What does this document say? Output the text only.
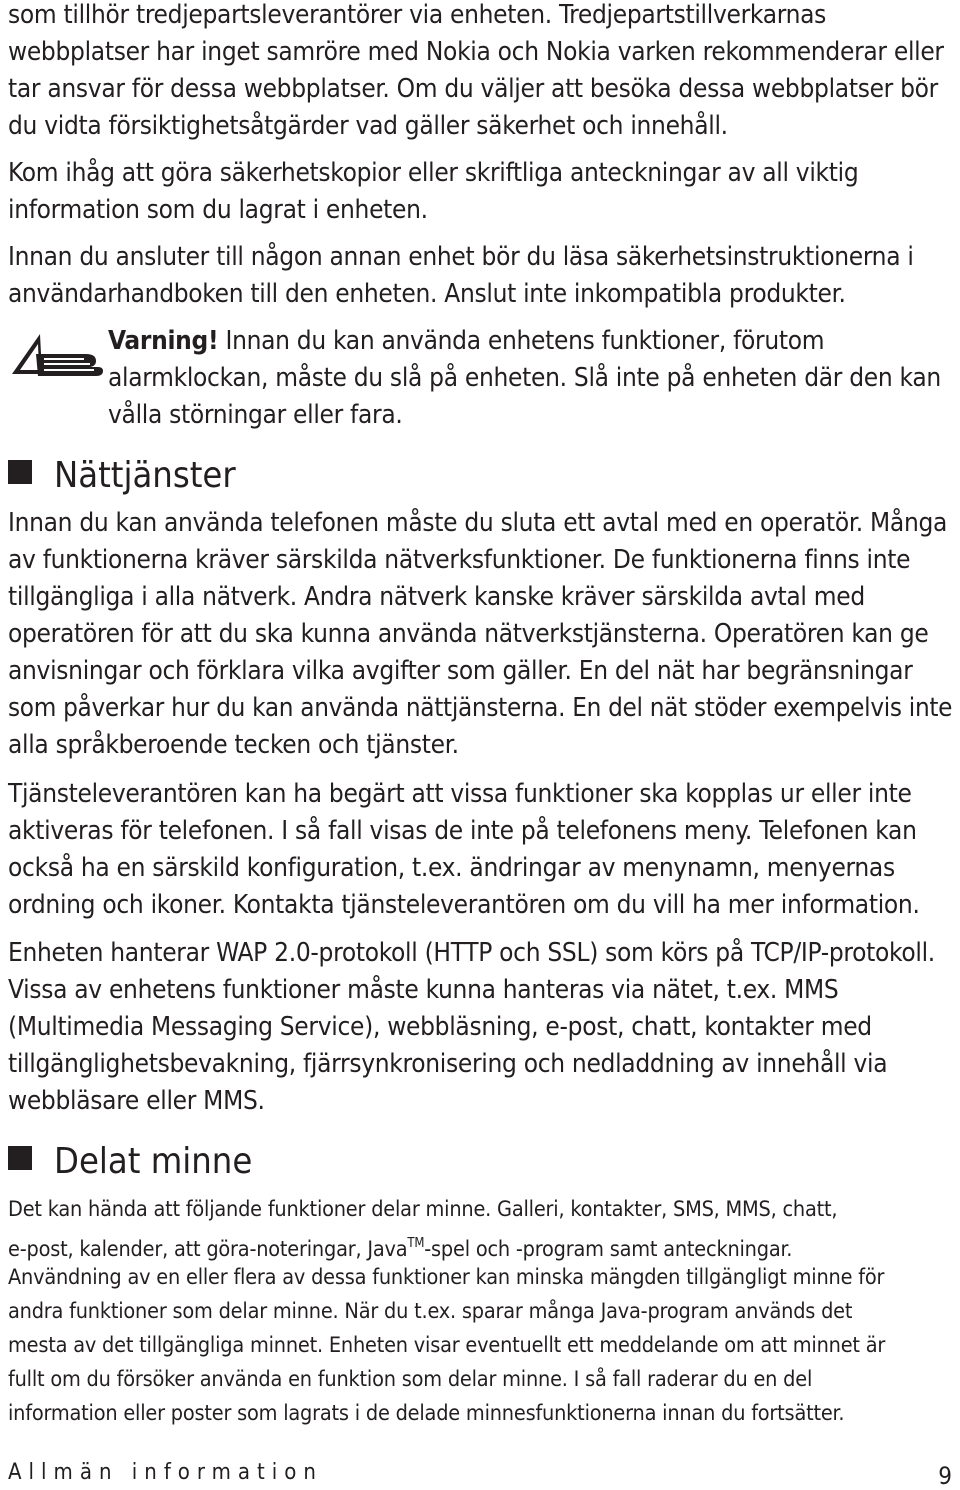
som tillhör tredjepartsleverantörer via enheten. Tredjepartstillverkarnas
webbplatser har inget samröre med Nokia och Nokia varken rekommenderar eller
tar ansvar för dessa webbplatser. Om du väljer att besöka dessa webbplatser bör
du vidta försiktighetsåtgärder vad gäller säkerhet och innehåll.
Kom ihåg att göra säkerhetskopior eller skriftliga anteckningar av all viktig
information som du lagrat i enheten.
Innan du ansluter till någon annan enhet bör du läsa säkerhetsinstruktionerna i
användarhandboken till den enheten. Anslut inte inkompatibla produkter.
Varning! Innan du kan använda enhetens funktioner, förutom
alarmklockan, måste du slå på enheten. Slå inte på enheten där den kan
vålla störningar eller fara.
Nättjänster
Innan du kan använda telefonen måste du sluta ett avtal med en operatör. Många
av funktionerna kräver särskilda nätverksfunktioner. De funktionerna finns inte
tillgängliga i alla nätverk. Andra nätverk kanske kräver särskilda avtal med
operatören för att du ska kunna använda nätverkstjänsterna. Operatören kan ge
anvisningar och förklara vilka avgifter som gäller. En del nät har begränsningar
som påverkar hur du kan använda nättjänsterna. En del nät stöder exempelvis inte
alla språkberoende tecken och tjänster.
Tjänsteleverantören kan ha begärt att vissa funktioner ska kopplas ur eller inte
aktiveras för telefonen. I så fall visas de inte på telefonens meny. Telefonen kan
också ha en särskild konfiguration, t.ex. ändringar av menynamn, menyernas
ordning och ikoner. Kontakta tjänsteleverantören om du vill ha mer information.
Enheten hanterar WAP 2.0-protokoll (HTTP och SSL) som körs på TCP/IP-protokoll.
Vissa av enhetens funktioner måste kunna hanteras via nätet, t.ex. MMS
(Multimedia Messaging Service), webbläsning, e-post, chatt, kontakter med
tillgänglighetsbevakning, fjärrsynkronisering och nedladdning av innehåll via
webbläsare eller MMS.
Delat minne
Det kan hända att följande funktioner delar minne. Galleri, kontakter, SMS, MMS, chatt,
e-post, kalender, att göra-noteringar, Java™-spel och -program samt anteckningar.
Användning av en eller flera av dessa funktioner kan minska mängden tillgängligt minne för
andra funktioner som delar minne. När du t.ex. sparar många Java-program används det
mesta av det tillgängliga minnet. Enheten visar eventuellt ett meddelande om att minnet är
fullt om du försöker använda en funktion som delar minne. I så fall raderar du en del
information eller poster som lagrats i de delade minnesfunktionerna innan du fortsätter.
Allmän information	9
